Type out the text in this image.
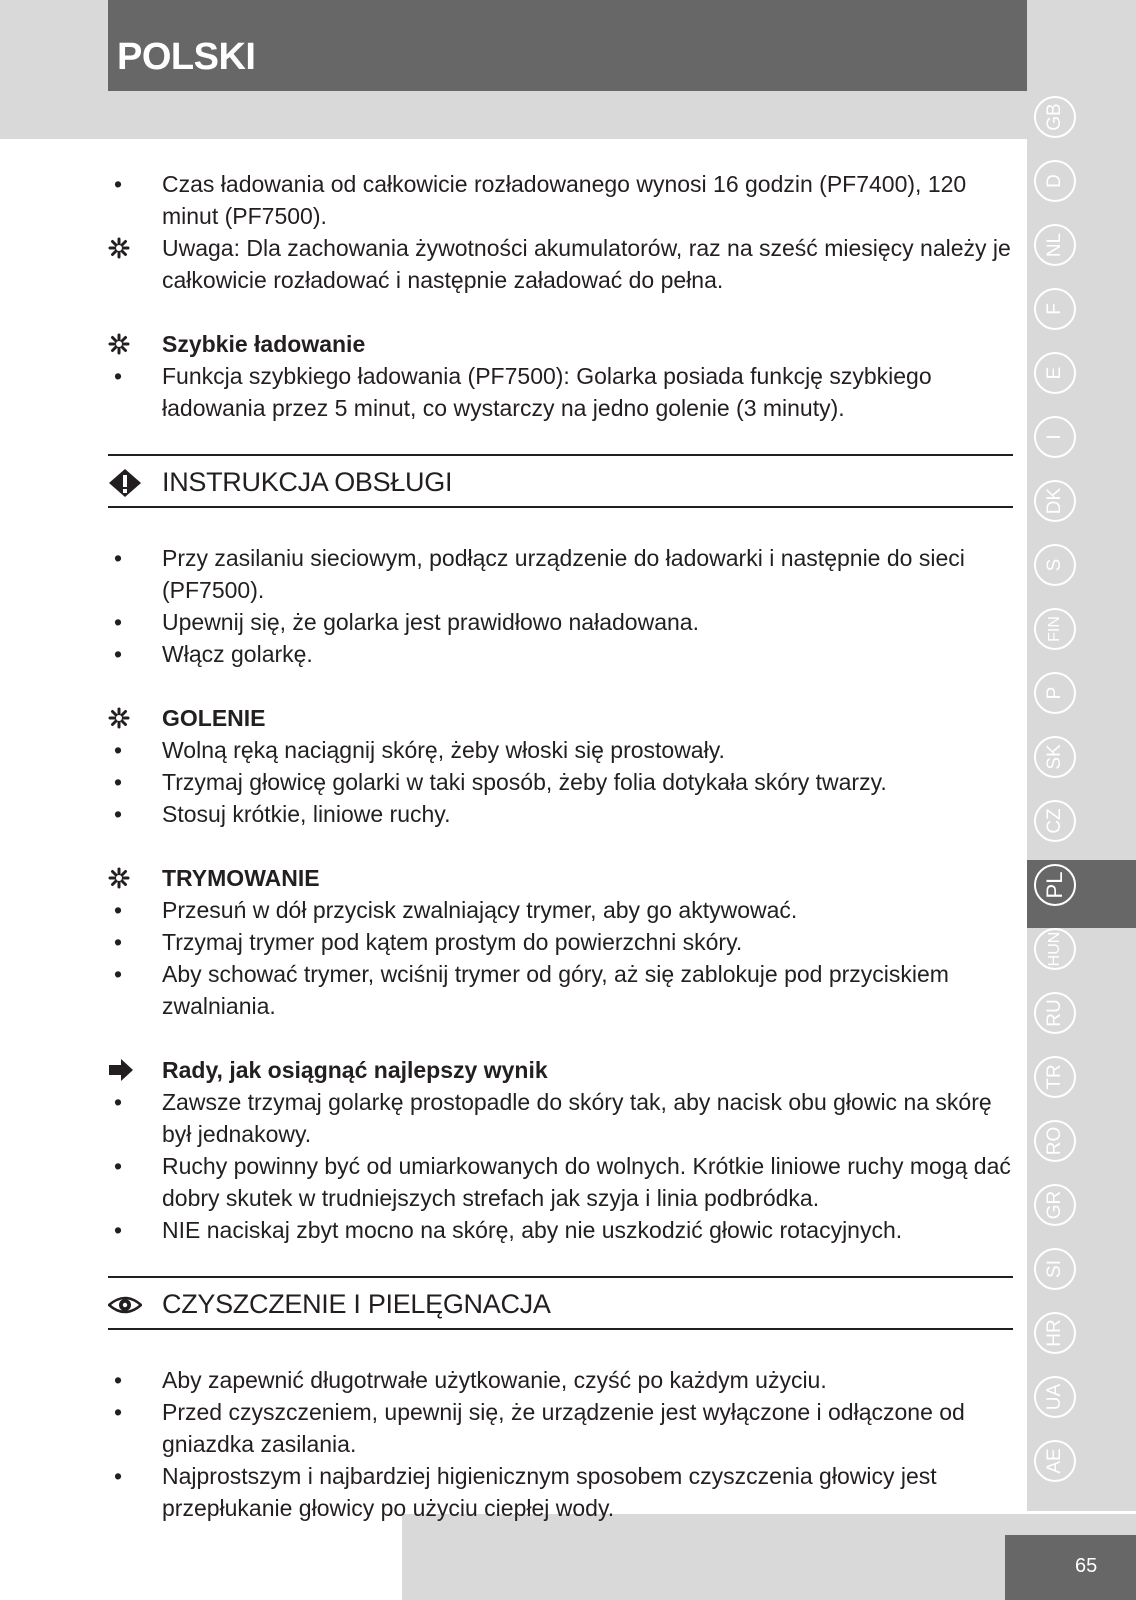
POLSKI
GB
D
NL
F
E
I
DK
S
FIN
P
SK
CZ
PL
HUN
RU
TR
RO
GR
SI
HR
UA
AE
65
• Czas ładowania od całkowicie rozładowanego wynosi 16 godzin (PF7400), 120 minut (PF7500).
Uwaga: Dla zachowania żywotności akumulatorów, raz na sześć miesięcy należy je całkowicie rozładować i następnie załadować do pełna.
Szybkie ładowanie
• Funkcja szybkiego ładowania (PF7500): Golarka posiada funkcję szybkiego ładowania przez 5 minut, co wystarczy na jedno golenie (3 minuty).
INSTRUKCJA OBSŁUGI
• Przy zasilaniu sieciowym, podłącz urządzenie do ładowarki i następnie do sieci (PF7500).
• Upewnij się, że golarka jest prawidłowo naładowana.
• Włącz golarkę.
GOLENIE
• Wolną ręką naciągnij skórę, żeby włoski się prostowały.
• Trzymaj głowicę golarki w taki sposób, żeby folia dotykała skóry twarzy.
• Stosuj krótkie, liniowe ruchy.
TRYMOWANIE
• Przesuń w dół przycisk zwalniający trymer, aby go aktywować.
• Trzymaj trymer pod kątem prostym do powierzchni skóry.
• Aby schować trymer, wciśnij trymer od góry, aż się zablokuje pod przyciskiem zwalniania.
Rady, jak osiągnąć najlepszy wynik
• Zawsze trzymaj golarkę prostopadle do skóry tak, aby nacisk obu głowic na skórę był jednakowy.
• Ruchy powinny być od umiarkowanych do wolnych. Krótkie liniowe ruchy mogą dać dobry skutek w trudniejszych strefach jak szyja i linia podbródka.
• NIE naciskaj zbyt mocno na skórę, aby nie uszkodzić głowic rotacyjnych.
CZYSZCZENIE I PIELĘGNACJA
• Aby zapewnić długotrwałe użytkowanie, czyść po każdym użyciu.
• Przed czyszczeniem, upewnij się, że urządzenie jest wyłączone i odłączone od gniazdka zasilania.
• Najprostszym i najbardziej higienicznym sposobem czyszczenia głowicy jest przepłukanie głowicy po użyciu ciepłej wody.
